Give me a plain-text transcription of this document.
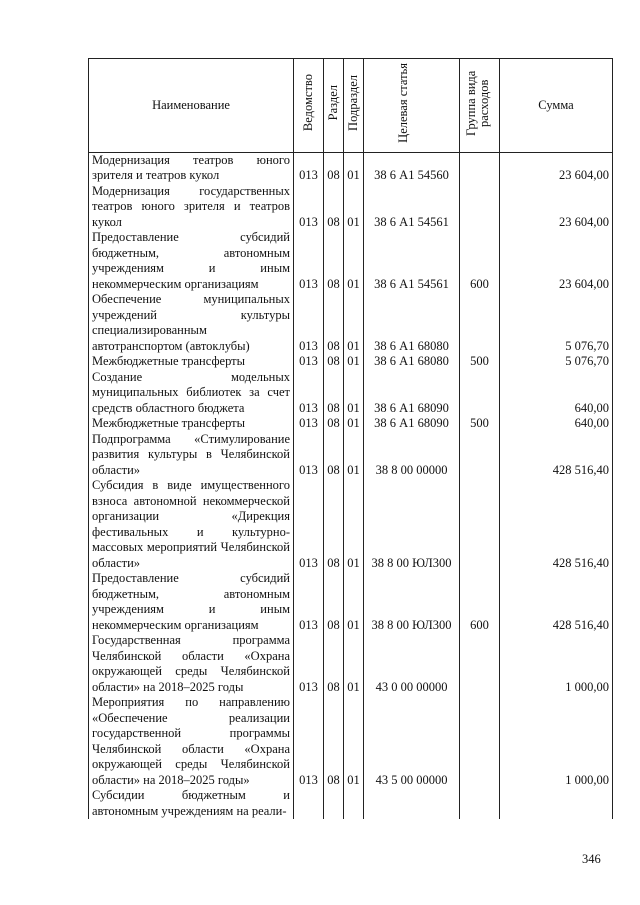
Наименование	Ведомство	Раздел	Подраздел	Целевая статья	Группа вида расходов	Сумма
Модернизация театров юного зрителя и театров кукол	013	08	01	38 6 А1 54560		23 604,00
Модернизация государственных театров юного зрителя и театров кукол	013	08	01	38 6 А1 54561		23 604,00
Предоставление субсидий бюджетным, автономным учреждениям и иным некоммерческим организациям	013	08	01	38 6 А1 54561	600	23 604,00
Обеспечение муниципальных учреждений культуры специализированным автотранспортом (автоклубы)	013	08	01	38 6 А1 68080		5 076,70
Межбюджетные трансферты	013	08	01	38 6 А1 68080	500	5 076,70
Создание модельных муниципальных библиотек за счет средств областного бюджета	013	08	01	38 6 А1 68090		640,00
Межбюджетные трансферты	013	08	01	38 6 А1 68090	500	640,00
Подпрограмма «Стимулирование развития культуры в Челябинской области»	013	08	01	38 8 00 00000		428 516,40
Субсидия в виде имущественного взноса автономной некоммерческой организации «Дирекция фестивальных и культурно-массовых мероприятий Челябинской области»	013	08	01	38 8 00 ЮЛ300		428 516,40
Предоставление субсидий бюджетным, автономным учреждениям и иным некоммерческим организациям	013	08	01	38 8 00 ЮЛ300	600	428 516,40
Государственная программа Челябинской области «Охрана окружающей среды Челябинской области» на 2018–2025 годы	013	08	01	43 0 00 00000		1 000,00
Мероприятия по направлению «Обеспечение реализации государственной программы Челябинской области «Охрана окружающей среды Челябинской области» на 2018–2025 годы»	013	08	01	43 5 00 00000		1 000,00
Субсидии бюджетным и автономным учреждениям на реали-						
346
